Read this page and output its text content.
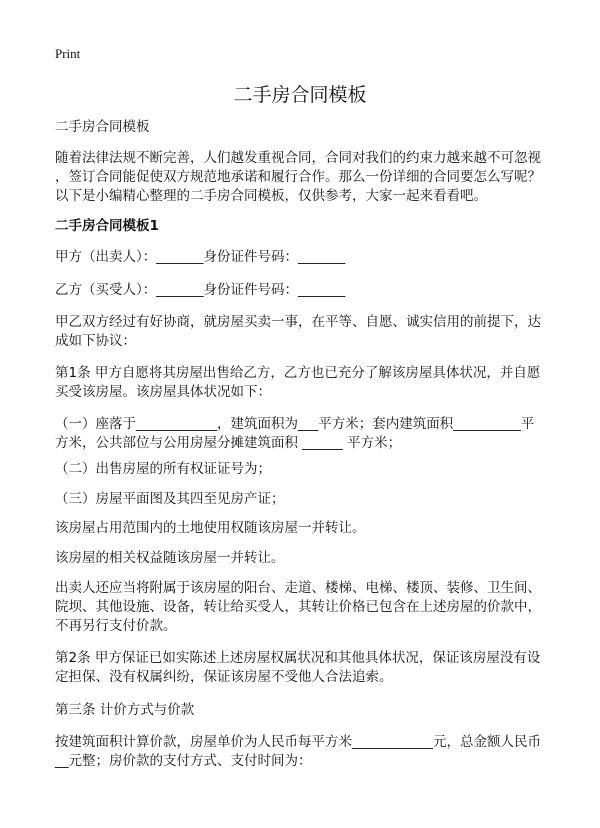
Print
二手房合同模板
二手房合同模板
随着法律法规不断完善，人们越发重视合同，合同对我们的约束力越来越不可忽视
，签订合同能促使双方规范地承诺和履行合作。那么一份详细的合同要怎么写呢？
以下是小编精心整理的二手房合同模板，仅供参考，大家一起来看看吧。
二手房合同模板1
甲方（出卖人）：_______身份证件号码：_______
乙方（买受人）：_______身份证件号码：_______
甲乙双方经过有好协商，就房屋买卖一事，在平等、自愿、诚实信用的前提下，达
成如下协议：
第1条 甲方自愿将其房屋出售给乙方，乙方也已充分了解该房屋具体状况，并自愿
买受该房屋。该房屋具体状况如下：
（一）座落于____________，建筑面积为___平方米；套内建筑面积__________平
方米，公共部位与公用房屋分摊建筑面积 ______ 平方米；
（二）出售房屋的所有权证证号为；
（三）房屋平面图及其四至见房产证；
该房屋占用范围内的土地使用权随该房屋一并转让。
该房屋的相关权益随该房屋一并转让。
出卖人还应当将附属于该房屋的阳台、走道、楼梯、电梯、楼顶、装修、卫生间、
院坝、其他设施、设备，转让给买受人，其转让价格已包含在上述房屋的价款中，
不再另行支付价款。
第2条 甲方保证已如实陈述上述房屋权属状况和其他具体状况，保证该房屋没有设
定担保、没有权属纠纷，保证该房屋不受他人合法追索。
第三条 计价方式与价款
按建筑面积计算价款，房屋单价为人民币每平方米____________元，总金额人民币
__元整；房价款的支付方式、支付时间为：
